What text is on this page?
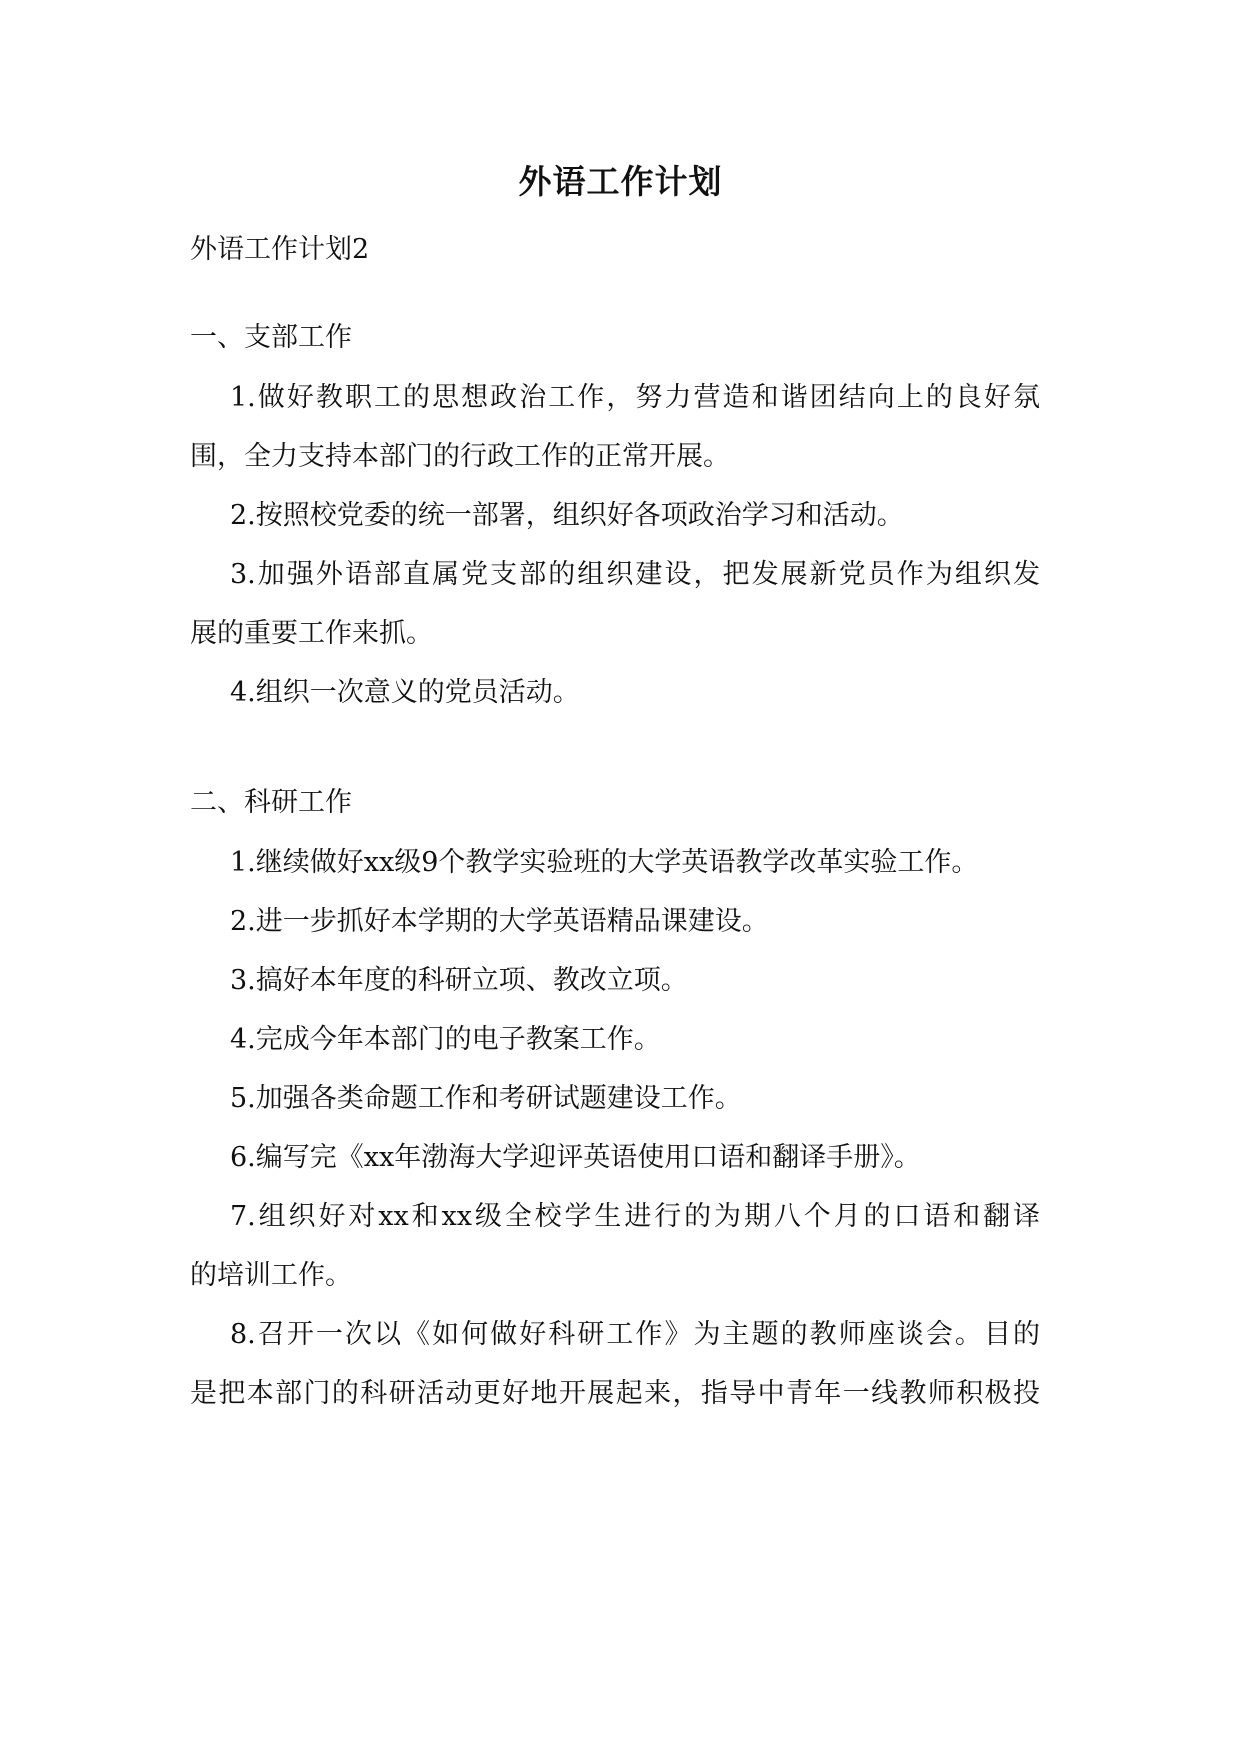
外语工作计划
外语工作计划2
一、支部工作
1.做好教职工的思想政治工作，努力营造和谐团结向上的良好氛
围，全力支持本部门的行政工作的正常开展。
2.按照校党委的统一部署，组织好各项政治学习和活动。
3.加强外语部直属党支部的组织建设，把发展新党员作为组织发
展的重要工作来抓。
4.组织一次意义的党员活动。
二、科研工作
1.继续做好xx级9个教学实验班的大学英语教学改革实验工作。
2.进一步抓好本学期的大学英语精品课建设。
3.搞好本年度的科研立项、教改立项。
4.完成今年本部门的电子教案工作。
5.加强各类命题工作和考研试题建设工作。
6.编写完《xx年渤海大学迎评英语使用口语和翻译手册》。
7.组织好对xx和xx级全校学生进行的为期八个月的口语和翻译
的培训工作。
8.召开一次以《如何做好科研工作》为主题的教师座谈会。目的
是把本部门的科研活动更好地开展起来，指导中青年一线教师积极投
